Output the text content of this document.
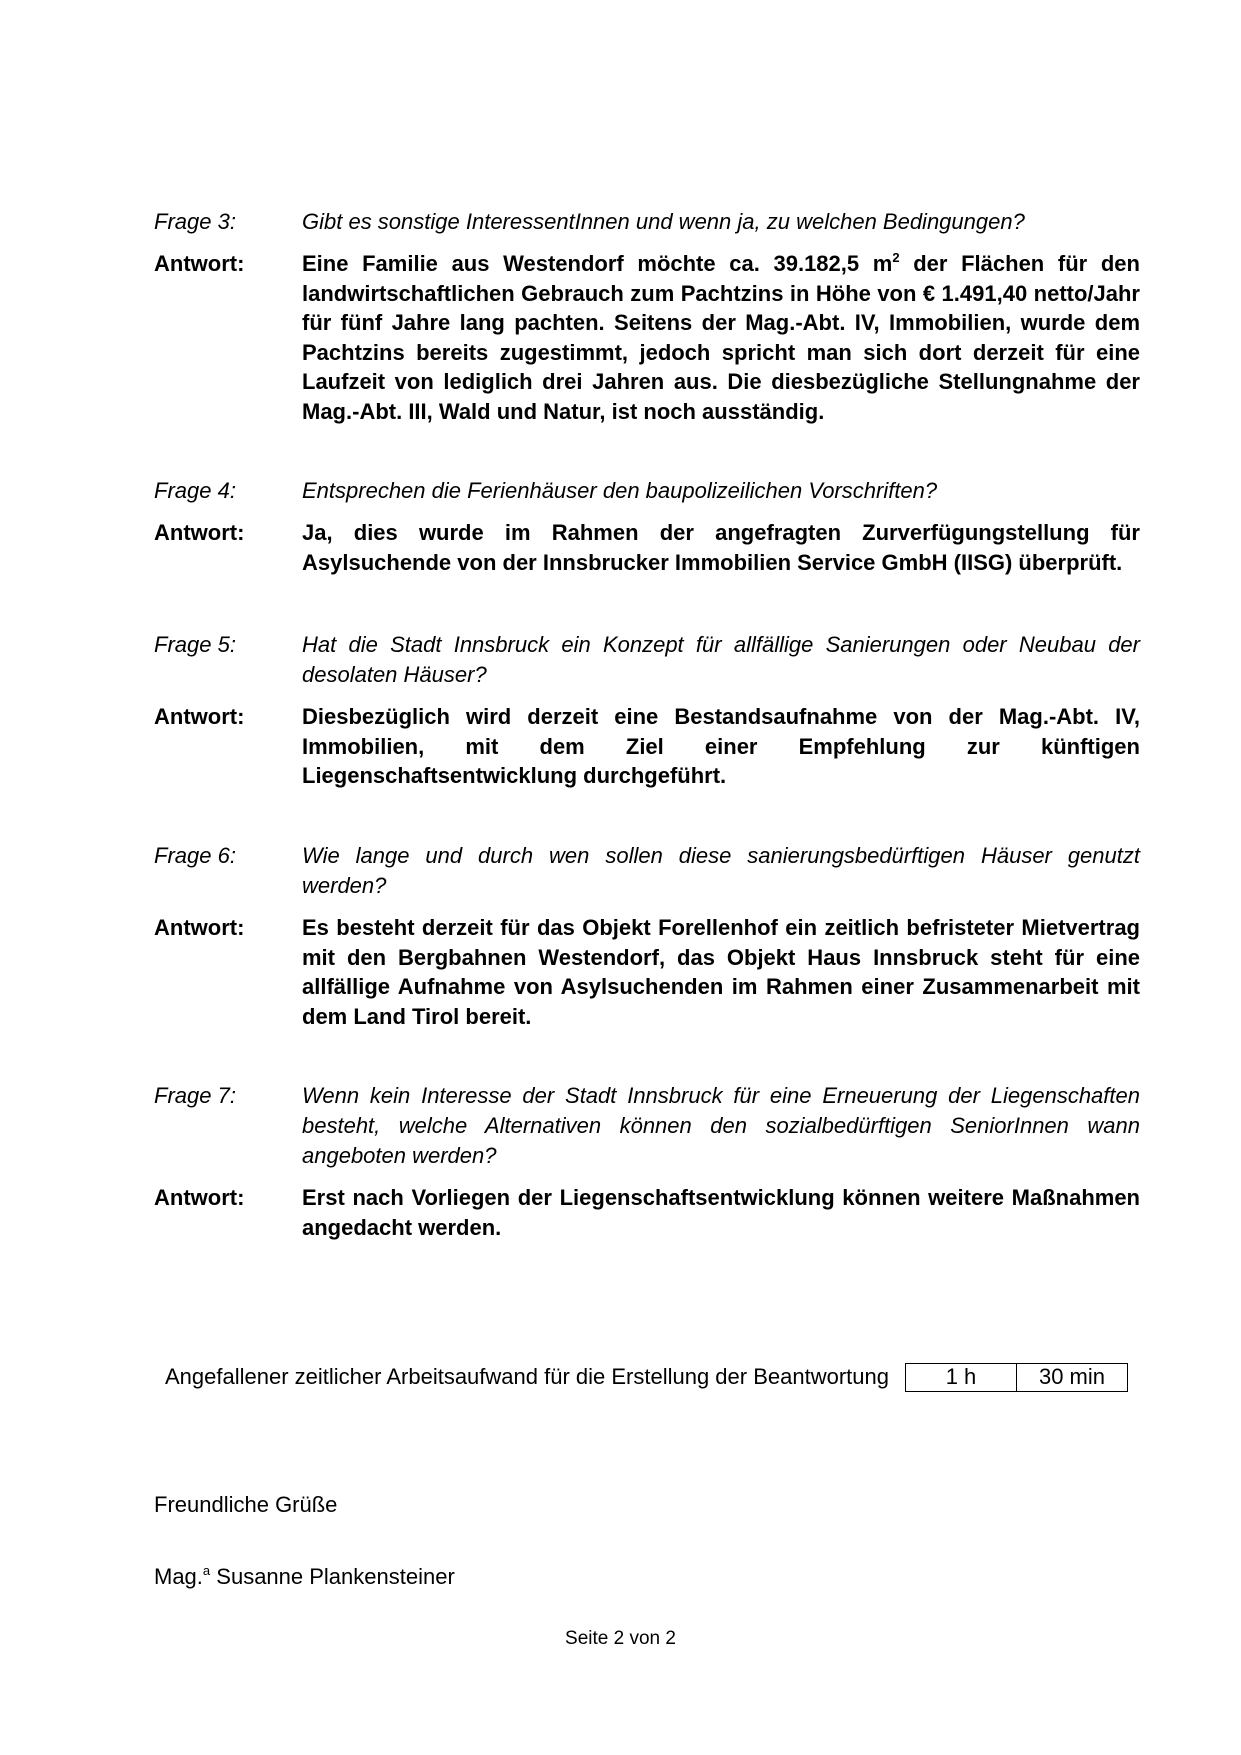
Frage 3:	Gibt es sonstige InteressentInnen und wenn ja, zu welchen Bedingungen?
Antwort:	Eine Familie aus Westendorf möchte ca. 39.182,5 $m^2$ der Flächen für den landwirtschaftlichen Gebrauch zum Pachtzins in Höhe von € 1.491,40 netto/Jahr für fünf Jahre lang pachten. Seitens der Mag.-Abt. IV, Immobilien, wurde dem Pachtzins bereits zugestimmt, jedoch spricht man sich dort derzeit für eine Laufzeit von lediglich drei Jahren aus. Die diesbezügliche Stellungnahme der Mag.-Abt. III, Wald und Natur, ist noch ausständig.
Frage 4:	Entsprechen die Ferienhäuser den baupolizeilichen Vorschriften?
Antwort:	Ja, dies wurde im Rahmen der angefragten Zurverfügungstellung für Asylsuchende von der Innsbrucker Immobilien Service GmbH (IISG) überprüft.
Frage 5:	Hat die Stadt Innsbruck ein Konzept für allfällige Sanierungen oder Neubau der desolaten Häuser?
Antwort:	Diesbezüglich wird derzeit eine Bestandsaufnahme von der Mag.-Abt. IV, Immobilien, mit dem Ziel einer Empfehlung zur künftigen Liegenschaftsentwicklung durchgeführt.
Frage 6:	Wie lange und durch wen sollen diese sanierungsbedürftigen Häuser genutzt werden?
Antwort:	Es besteht derzeit für das Objekt Forellenhof ein zeitlich befristeter Mietvertrag mit den Bergbahnen Westendorf, das Objekt Haus Innsbruck steht für eine allfällige Aufnahme von Asylsuchenden im Rahmen einer Zusammenarbeit mit dem Land Tirol bereit.
Frage 7:	Wenn kein Interesse der Stadt Innsbruck für eine Erneuerung der Liegenschaften besteht, welche Alternativen können den sozialbedürftigen SeniorInnen wann angeboten werden?
Antwort:	Erst nach Vorliegen der Liegenschaftsentwicklung können weitere Maßnahmen angedacht werden.
Angefallener zeitlicher Arbeitsaufwand für die Erstellung der Beantwortung	1 h	30 min
Freundliche Grüße
Mag.$^a$ Susanne Plankensteiner
Seite 2 von 2
